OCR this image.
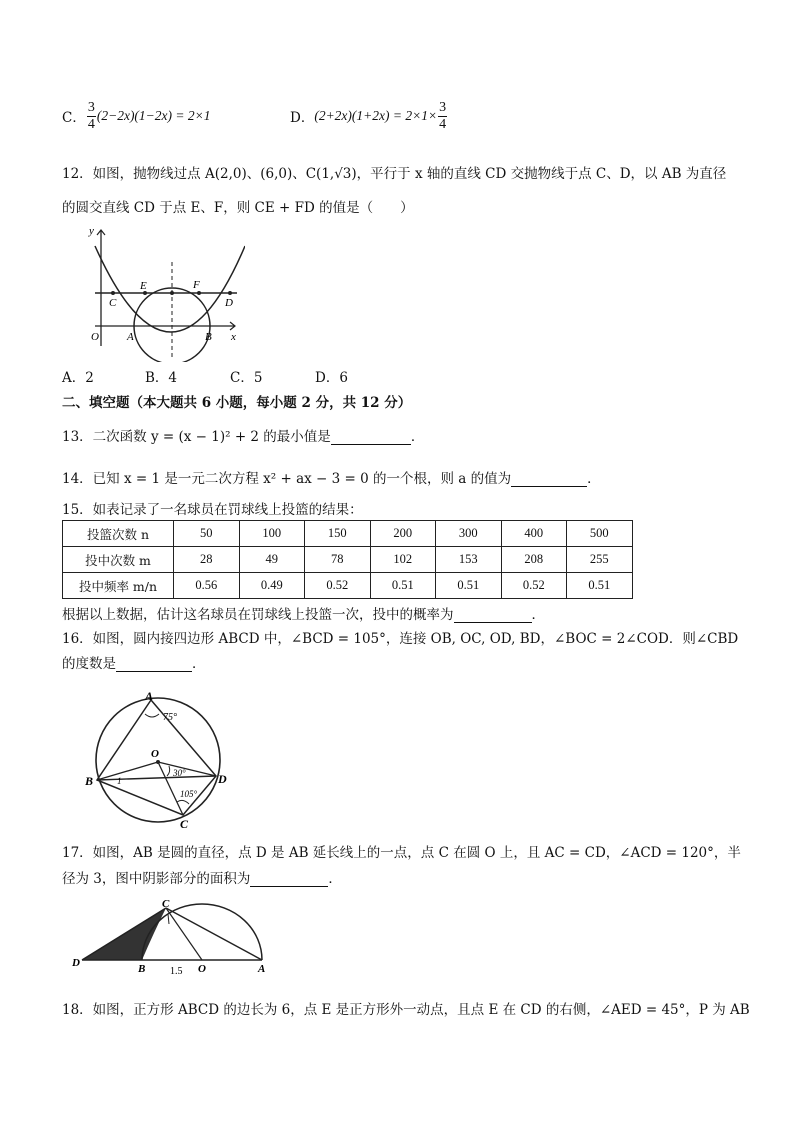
C． $\frac{3}{4} (2-2x)(1-2x) = 2\times 1$	D． $(2+2x)(1+2x) = 2\times 1\times \frac{3}{4}$
12．如图，抛物线过点 A(2,0)、(6,0)、C(1,√3)，平行于 x 轴的直线 CD 交抛物线于点 C、D，以 AB 为直径
的圆交直线 CD 于点 E、F，则 CE + FD 的值是（　　）
y
x
O	A	B
C	D
E	F
A．2	B．4	C．5	D．6
二、填空题（本大题共 6 小题，每小题 2 分，共 12 分）
13．二次函数 y = (x − 1)² + 2 的最小值是	．
14．已知 x = 1 是一元二次方程 x² + ax − 3 = 0 的一个根，则 a 的值为	．
15．如表记录了一名球员在罚球线上投篮的结果：
投篮次数 n	50	100	150	200	300	400	500
投中次数 m	28	49	78	102	153	208	255
投中频率 m/n	0.56	0.49	0.52	0.51	0.51	0.52	0.51
根据以上数据，估计这名球员在罚球线上投篮一次，投中的概率为	．
16．如图，圆内接四边形 ABCD 中，∠BCD = 105°，连接 OB, OC, OD, BD，∠BOC = 2∠COD．则∠CBD
的度数是	．
A
B
C
D
O
75°
30°
105°
1
17．如图，AB 是圆的直径，点 D 是 AB 延长线上的一点，点 C 在圆 O 上，且 AC = CD，∠ACD = 120°，半
径为 3，图中阴影部分的面积为	．
D	B	O	A
C
1.5
18．如图，正方形 ABCD 的边长为 6，点 E 是正方形外一动点，且点 E 在 CD 的右侧，∠AED = 45°，P 为 AB
